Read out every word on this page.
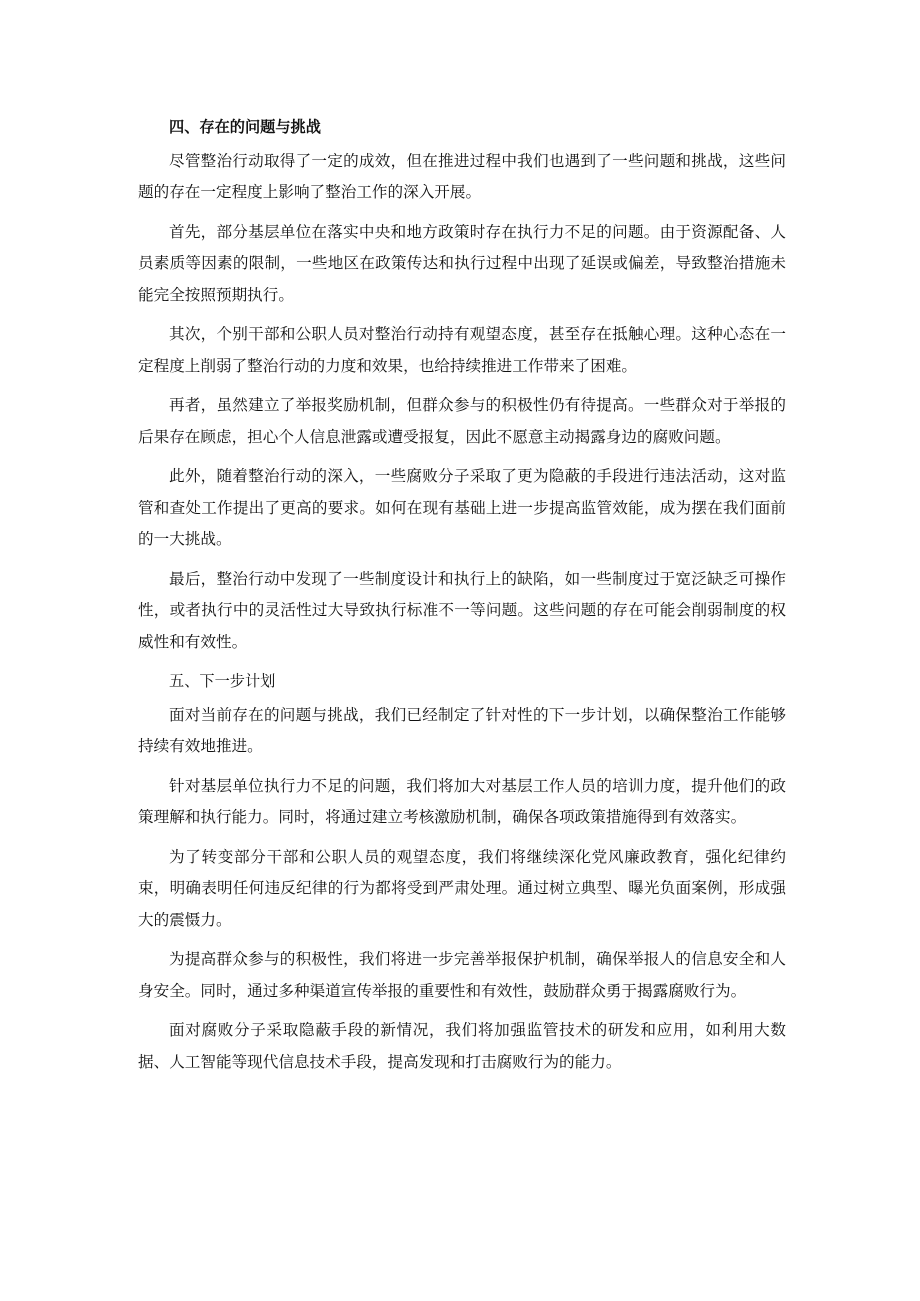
四、存在的问题与挑战

尽管整治行动取得了一定的成效，但在推进过程中我们也遇到了一些问题和挑战，这些问题的存在一定程度上影响了整治工作的深入开展。

首先，部分基层单位在落实中央和地方政策时存在执行力不足的问题。由于资源配备、人员素质等因素的限制，一些地区在政策传达和执行过程中出现了延误或偏差，导致整治措施未能完全按照预期执行。

其次，个别干部和公职人员对整治行动持有观望态度，甚至存在抵触心理。这种心态在一定程度上削弱了整治行动的力度和效果，也给持续推进工作带来了困难。

再者，虽然建立了举报奖励机制，但群众参与的积极性仍有待提高。一些群众对于举报的后果存在顾虑，担心个人信息泄露或遭受报复，因此不愿意主动揭露身边的腐败问题。

此外，随着整治行动的深入，一些腐败分子采取了更为隐蔽的手段进行违法活动，这对监管和查处工作提出了更高的要求。如何在现有基础上进一步提高监管效能，成为摆在我们面前的一大挑战。

最后，整治行动中发现了一些制度设计和执行上的缺陷，如一些制度过于宽泛缺乏可操作性，或者执行中的灵活性过大导致执行标准不一等问题。这些问题的存在可能会削弱制度的权威性和有效性。

五、下一步计划

面对当前存在的问题与挑战，我们已经制定了针对性的下一步计划，以确保整治工作能够持续有效地推进。

针对基层单位执行力不足的问题，我们将加大对基层工作人员的培训力度，提升他们的政策理解和执行能力。同时，将通过建立考核激励机制，确保各项政策措施得到有效落实。

为了转变部分干部和公职人员的观望态度，我们将继续深化党风廉政教育，强化纪律约束，明确表明任何违反纪律的行为都将受到严肃处理。通过树立典型、曝光负面案例，形成强大的震慑力。

为提高群众参与的积极性，我们将进一步完善举报保护机制，确保举报人的信息安全和人身安全。同时，通过多种渠道宣传举报的重要性和有效性，鼓励群众勇于揭露腐败行为。

面对腐败分子采取隐蔽手段的新情况，我们将加强监管技术的研发和应用，如利用大数据、人工智能等现代信息技术手段，提高发现和打击腐败行为的能力。
